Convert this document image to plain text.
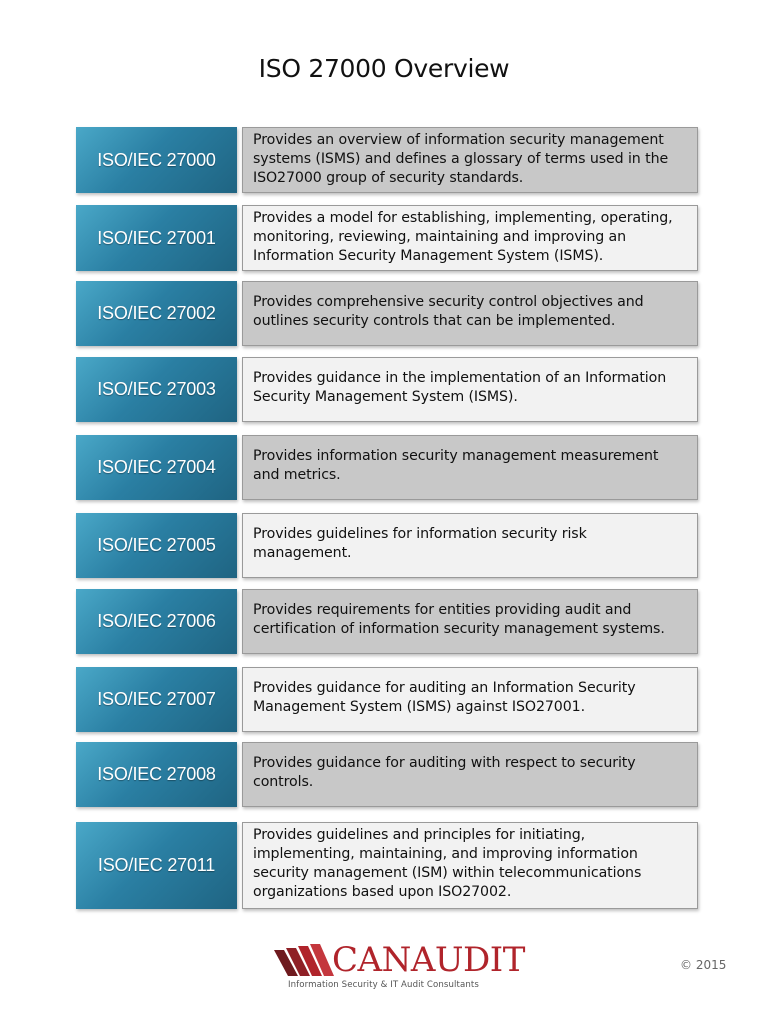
ISO 27000 Overview
ISO/IEC 27000
Provides an overview of information security management systems (ISMS) and defines a glossary of terms used in the ISO27000 group of security standards.
ISO/IEC 27001
Provides a model for establishing, implementing, operating, monitoring, reviewing, maintaining and improving an Information Security Management System (ISMS).
ISO/IEC 27002
Provides comprehensive security control objectives and outlines security controls that can be implemented.
ISO/IEC 27003
Provides guidance in the implementation of an Information Security Management System (ISMS).
ISO/IEC 27004
Provides information security management measurement and metrics.
ISO/IEC 27005
Provides guidelines for information security risk management.
ISO/IEC 27006
Provides requirements for entities providing audit and certification of information security management systems.
ISO/IEC 27007
Provides guidance for auditing an Information Security Management System (ISMS) against ISO27001.
ISO/IEC 27008
Provides guidance for auditing with respect to security controls.
ISO/IEC 27011
Provides guidelines and principles for initiating, implementing, maintaining, and improving information security management (ISM) within telecommunications organizations based upon ISO27002.
CANAUDIT
Information Security & IT Audit Consultants
© 2015
